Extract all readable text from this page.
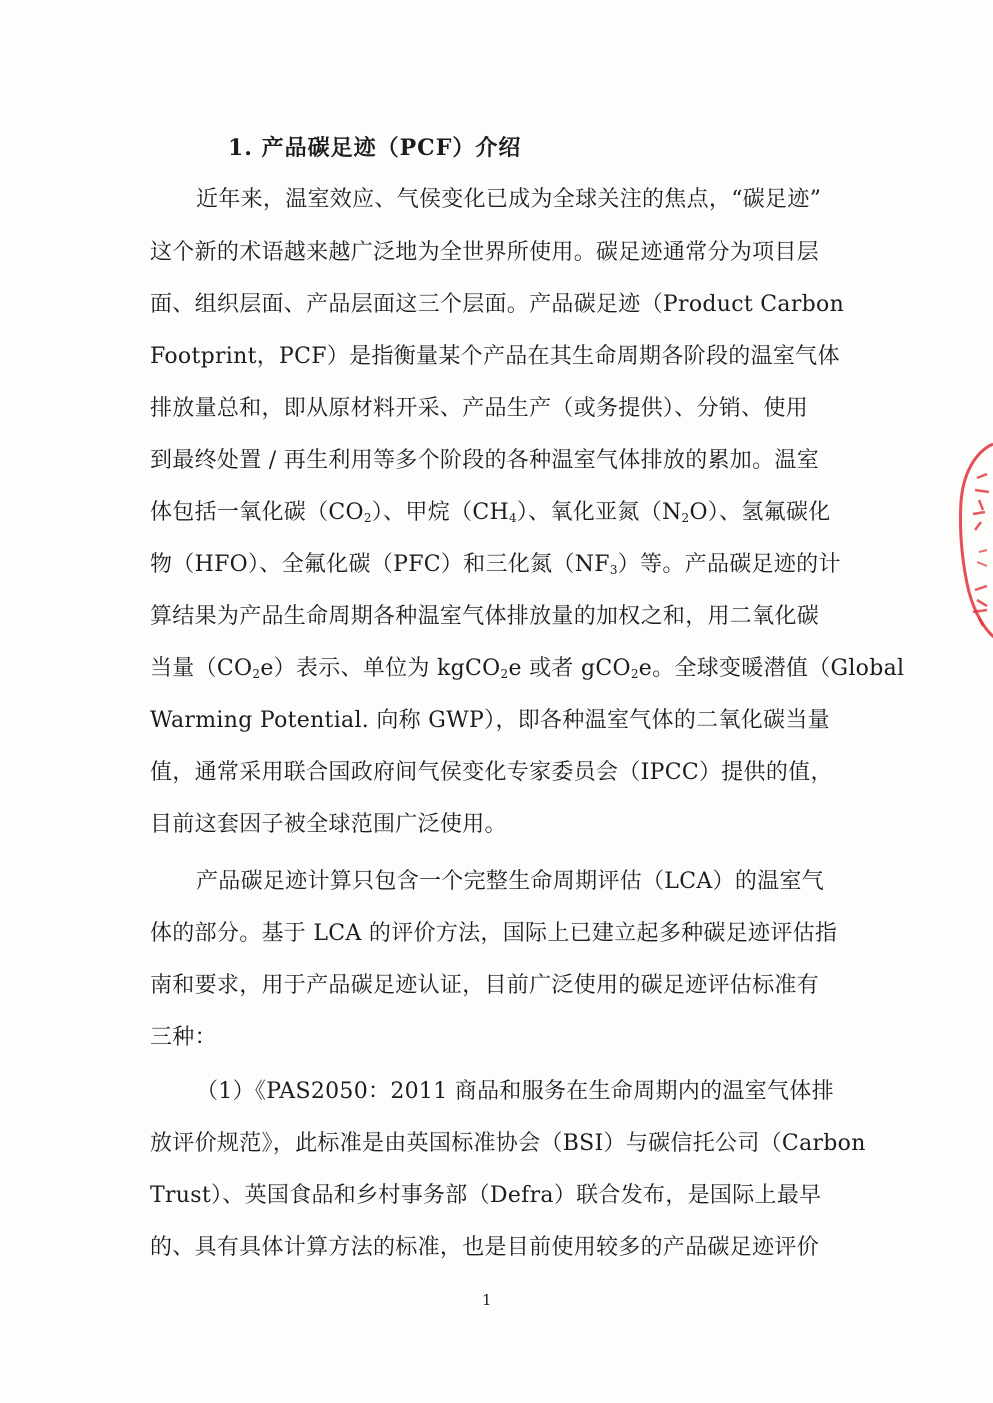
1. 产品碳足迹（PCF）介绍
近年来，温室效应、气侯变化已成为全球关注的焦点，“碳足迹”
这个新的术语越来越广泛地为全世界所使用。碳足迹通常分为项目层
面、组织层面、产品层面这三个层面。产品碳足迹（Product Carbon
Footprint，PCF）是指衡量某个产品在其生命周期各阶段的温室气体
排放量总和，即从原材料开采、产品生产（或务提供）、分销、使用
到最终处置 / 再生利用等多个阶段的各种温室气体排放的累加。温室
体包括一氧化碳$(CO_2)$、甲烷$(CH_4)$、氧化亚氮$(N_2O)$、氢氟碳化
物（HFO）、全氟化碳（PFC）和三化氮$(NF_3)$等。产品碳足迹的计
算结果为产品生命周期各种温室气体排放量的加权之和，用二氧化碳
当量$(CO_2e)$表示、单位为 kgCO$_2$e 或者 gCO$_2$e。全球变暖潜值（Global
Warming Potential. 向称 GWP），即各种温室气体的二氧化碳当量
值，通常采用联合国政府间气侯变化专家委员会（IPCC）提供的值，
目前这套因子被全球范围广泛使用。
产品碳足迹计算只包含一个完整生命周期评估（LCA）的温室气
体的部分。基于 LCA 的评价方法，国际上已建立起多种碳足迹评估指
南和要求，用于产品碳足迹认证，目前广泛使用的碳足迹评估标准有
三种：
（1）《PAS2050：2011 商品和服务在生命周期内的温室气体排
放评价规范》，此标准是由英国标准协会（BSI）与碳信托公司（Carbon
Trust）、英国食品和乡村事务部（Defra）联合发布，是国际上最早
的、具有具体计算方法的标准，也是目前使用较多的产品碳足迹评价
1
